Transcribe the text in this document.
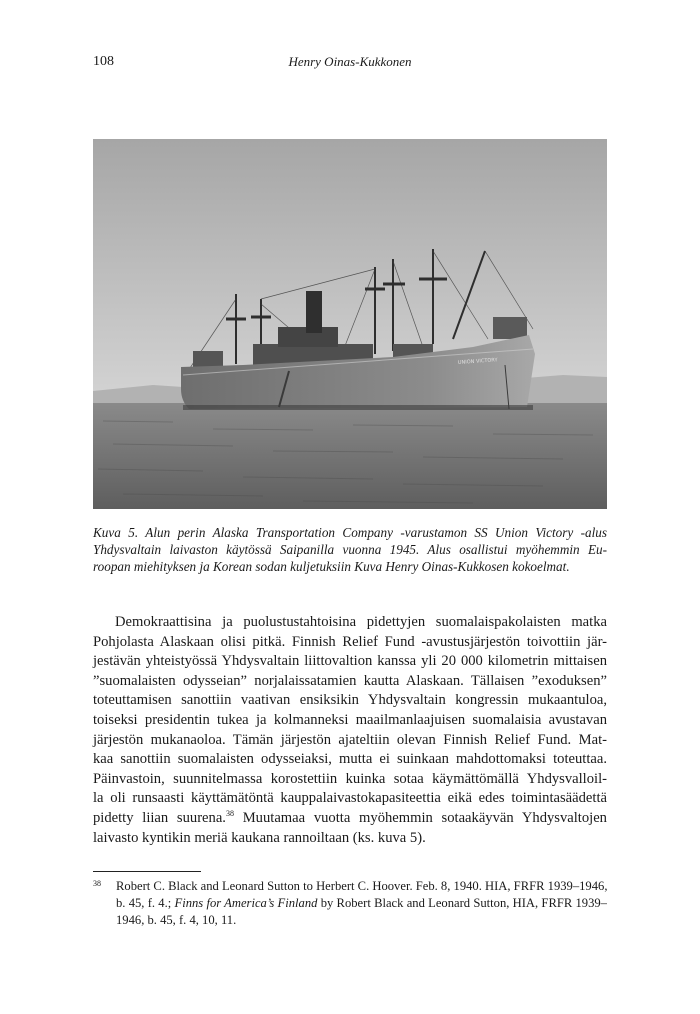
108	Henry Oinas-Kukkonen
UNION VICTORY
Kuva 5. Alun perin Alaska Transportation Company -varustamon SS Union Victory -alus
Yhdysvaltain laivaston käytössä Saipanilla vuonna 1945. Alus osallistui myöhemmin Eu-
roopan miehityksen ja Korean sodan kuljetuksiin Kuva Henry Oinas-Kukkosen kokoelmat.
Demokraattisina ja puolustustahtoisina pidettyjen suomalaispakolaisten matka
Pohjolasta Alaskaan olisi pitkä. Finnish Relief Fund -avustusjärjestön toivottiin jär-
jestävän yhteistyössä Yhdysvaltain liittovaltion kanssa yli 20 000 kilometrin mittaisen
”suomalaisten odysseian” norjalaissatamien kautta Alaskaan. Tällaisen ”exoduksen”
toteuttamisen sanottiin vaativan ensiksikin Yhdysvaltain kongressin mukaantuloa,
toiseksi presidentin tukea ja kolmanneksi maailmanlaajuisen suomalaisia avustavan
järjestön mukanaoloa. Tämän järjestön ajateltiin olevan Finnish Relief Fund. Mat-
kaa sanottiin suomalaisten odysseiaksi, mutta ei suinkaan mahdottomaksi toteuttaa.
Päinvastoin, suunnitelmassa korostettiin kuinka sotaa käymättömällä Yhdysvalloil-
la oli runsaasti käyttämätöntä kauppalaivastokapasiteettia eikä edes toimintasäädettä
pidetty liian suurena.$^{38}$ Muutamaa vuotta myöhemmin sotaakäyvän Yhdysvaltojen
laivasto kyntikin meriä kaukana rannoiltaan (ks. kuva 5).
38 Robert C. Black and Leonard Sutton to Herbert C. Hoover. Feb. 8, 1940. HIA, FRFR 1939–1946,
b. 45, f. 4.; Finns for America’s Finland by Robert Black and Leonard Sutton, HIA, FRFR 1939–
1946, b. 45, f. 4, 10, 11.
